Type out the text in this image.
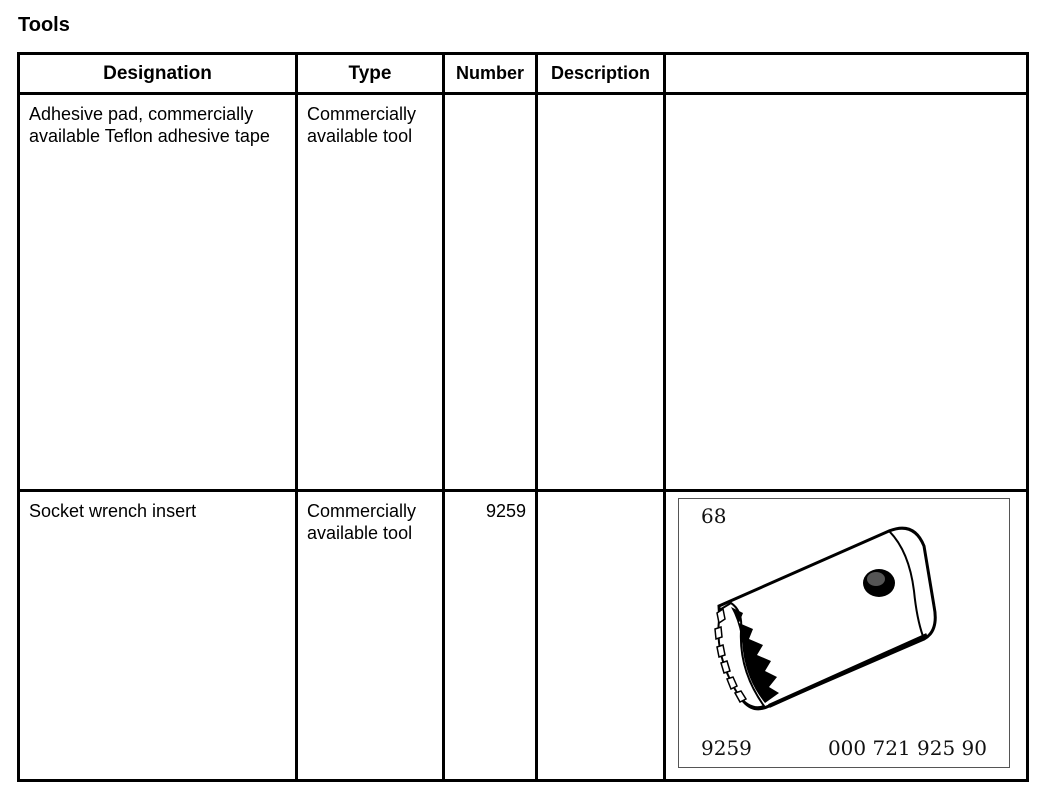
Tools
Designation	Type	Number	Description	
Adhesive pad, commercially available Teflon adhesive tape	Commercially available tool			
Socket wrench insert	Commercially available tool	9259		68
9259 000 721 925 90
